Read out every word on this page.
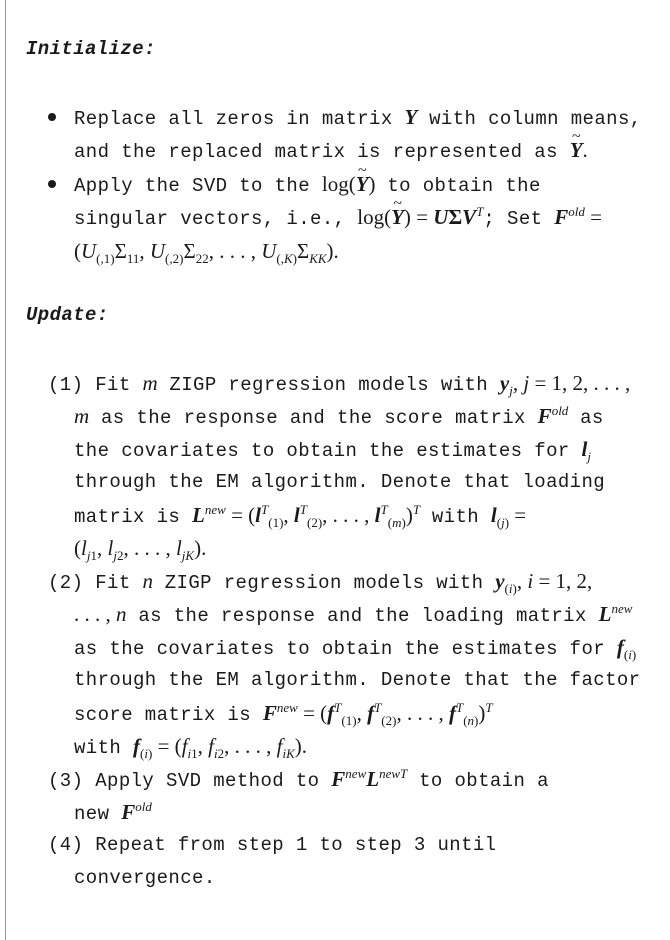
Initialize:
Replace all zeros in matrix Y with column means,
and the replaced matrix is represented as ~ Y.
Apply the SVD to the log(~ Y) to obtain the
singular vectors, i.e., log(~ $Y) = U\Sigma V^T$; Set $F^{old}$ =
($U_{(,1)}\Sigma_{11}$, $U_{(,2)}\Sigma_{22}$, . . . , $U_{(,K)}\Sigma_{KK}$).
Update:
(1) Fit m ZIGP regression models with $y_j$, j = 1, 2, . . . ,
m as the response and the score matrix $F^{old}$ as
the covariates to obtain the estimates for $l_j$
through the EM algorithm. Denote that loading
matrix is $L^{new} = (l^T_{(1)}$, $l^T_{(2)}$, . . . , $l^T_{(m)})^T$ with $l_{(j)}$ =
($l_{j1}$, $l_{j2}$, . . . , $l_{jK}$).
(2) Fit n ZIGP regression models with $y_{(i)}$, i = 1, 2,
. . . , n as the response and the loading matrix $L^{new}$
as the covariates to obtain the estimates for $f_{(i)}$
through the EM algorithm. Denote that the factor
score matrix is $F^{new} = (f^T_{(1)}$, $f^T_{(2)}$, . . . , $f^T_{(n)})^T$
with $f_{(i)} = (f_{i1}$, $f_{i2}$, . . . , $f_{iK}$).
(3) Apply SVD method to $F^{new}L^{newT}$ to obtain a
new $F^{old}$
(4) Repeat from step 1 to step 3 until
convergence.
